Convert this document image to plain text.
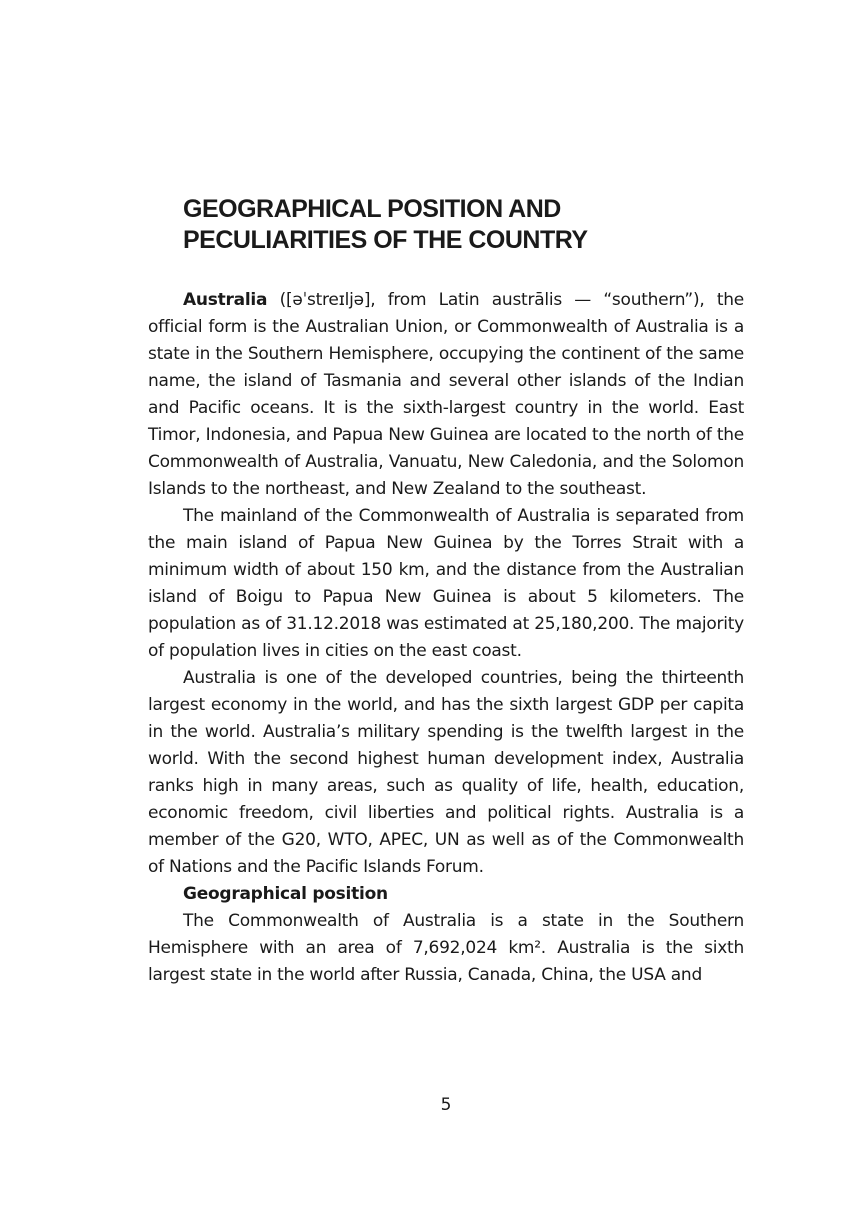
GEOGRAPHICAL POSITION AND
PECULIARITIES OF THE COUNTRY

Australia ([əˈstreɪljə], from Latin austrālis — “southern”), the official form is the Australian Union, or Commonwealth of Australia is a state in the Southern Hemisphere, occupying the continent of the same name, the island of Tasmania and several other islands of the Indian and Pacific oceans. It is the sixth-largest country in the world. East Timor, Indonesia, and Papua New Guinea are located to the north of the Commonwealth of Australia, Vanuatu, New Caledonia, and the Solomon Islands to the northeast, and New Zealand to the southeast.

The mainland of the Commonwealth of Australia is separated from the main island of Papua New Guinea by the Torres Strait with a minimum width of about 150 km, and the distance from the Australian island of Boigu to Papua New Guinea is about 5 kilometers. The population as of 31.12.2018 was estimated at 25,180,200. The majority of population lives in cities on the east coast.

Australia is one of the developed countries, being the thirteenth largest economy in the world, and has the sixth largest GDP per capita in the world. Australia’s military spending is the twelfth largest in the world. With the second highest human development index, Australia ranks high in many areas, such as quality of life, health, education, economic freedom, civil liberties and political rights. Australia is a member of the G20, WTO, APEC, UN as well as of the Commonwealth of Nations and the Pacific Islands Forum.

Geographical position

The Commonwealth of Australia is a state in the Southern Hemisphere with an area of 7,692,024 km². Australia is the sixth largest state in the world after Russia, Canada, China, the USA and

5
